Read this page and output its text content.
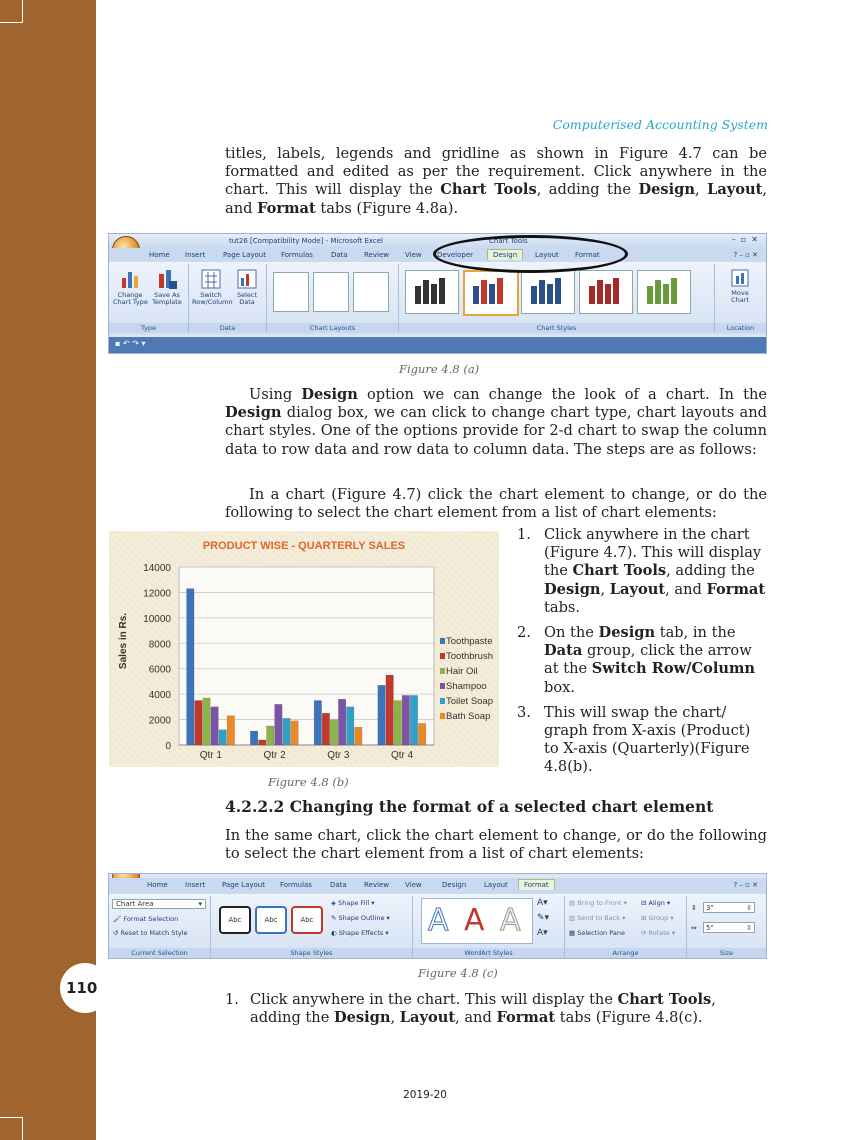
110
Computerised Accounting System

titles, labels, legends and gridline as shown in Figure 4.7 can be formatted and edited as per the requirement. Click anywhere in the chart. This will display the Chart Tools, adding the Design, Layout, and Format tabs (Figure 4.8a).

tut26 [Compatibility Mode] - Microsoft Excel	Chart Tools	–  ▫  ✕
Home Insert	Page Layout Formulas	Data Review View Developer	Design	Layout Format	? – ▫ ✕

Change
Chart Type

Save As
Template
Type

Switch
Row/Column

Select
Data
Data	Chart Layouts	Chart Styles

Move
Chart
Location
▪ ↶ ↷ ▾
Figure 4.8 (a)

Using Design option we can change the look of a chart. In the Design dialog box, we can click to change chart type, chart layouts and chart styles. One of the options provide for 2-d chart to swap the column data to row data and row data to column data. The steps are as follows:

In a chart (Figure 4.7) click the chart element to change, or do the following to select the chart element from a list of chart elements:

PRODUCT WISE - QUARTERLY SALES
Sales in Rs.
0
2000
4000
6000
8000
10000
12000
14000
Qtr 1	Qtr 2	Qtr 3	Qtr 4
Toothpaste
Toothbrush
Hair Oil
Shampoo
Toilet Soap
Bath Soap
Figure 4.8 (b)
1. Click anywhere in the chart (Figure 4.7). This will display the Chart Tools, adding the Design, Layout, and Format tabs.
2. On the Design tab, in the Data group, click the arrow at the Switch Row/Column box.
3. This will swap the chart/ graph from X-axis (Product) to X-axis (Quarterly)(Figure 4.8(b).
4.2.2.2 Changing the format of a selected chart element

In the same chart, click the chart element to change, or do the following to select the chart element from a list of chart elements:

Home Insert Page Layout Formulas	Data Review View	Design	Layout	Format	? – ▫ ✕
Chart Area	▾
🖌 Format Selection
↺ Reset to Match Style
Current Selection
Abc	Abc	Abc
◈ Shape Fill ▾
✎ Shape Outline ▾
◐ Shape Effects ▾
Shape Styles
A A A A▾
✎▾
A▾
WordArt Styles
▤ Bring to Front ▾
▥ Send to Back ▾
▦ Selection Pane
⊟ Align ▾
⊞ Group ▾
⟳ Rotate ▾
Arrange
⇕	3"	⇳
⇔	5"	⇳
Size
Figure 4.8 (c)
1. Click anywhere in the chart. This will display the Chart Tools, adding the Design, Layout, and Format tabs (Figure 4.8(c).
2019-20
